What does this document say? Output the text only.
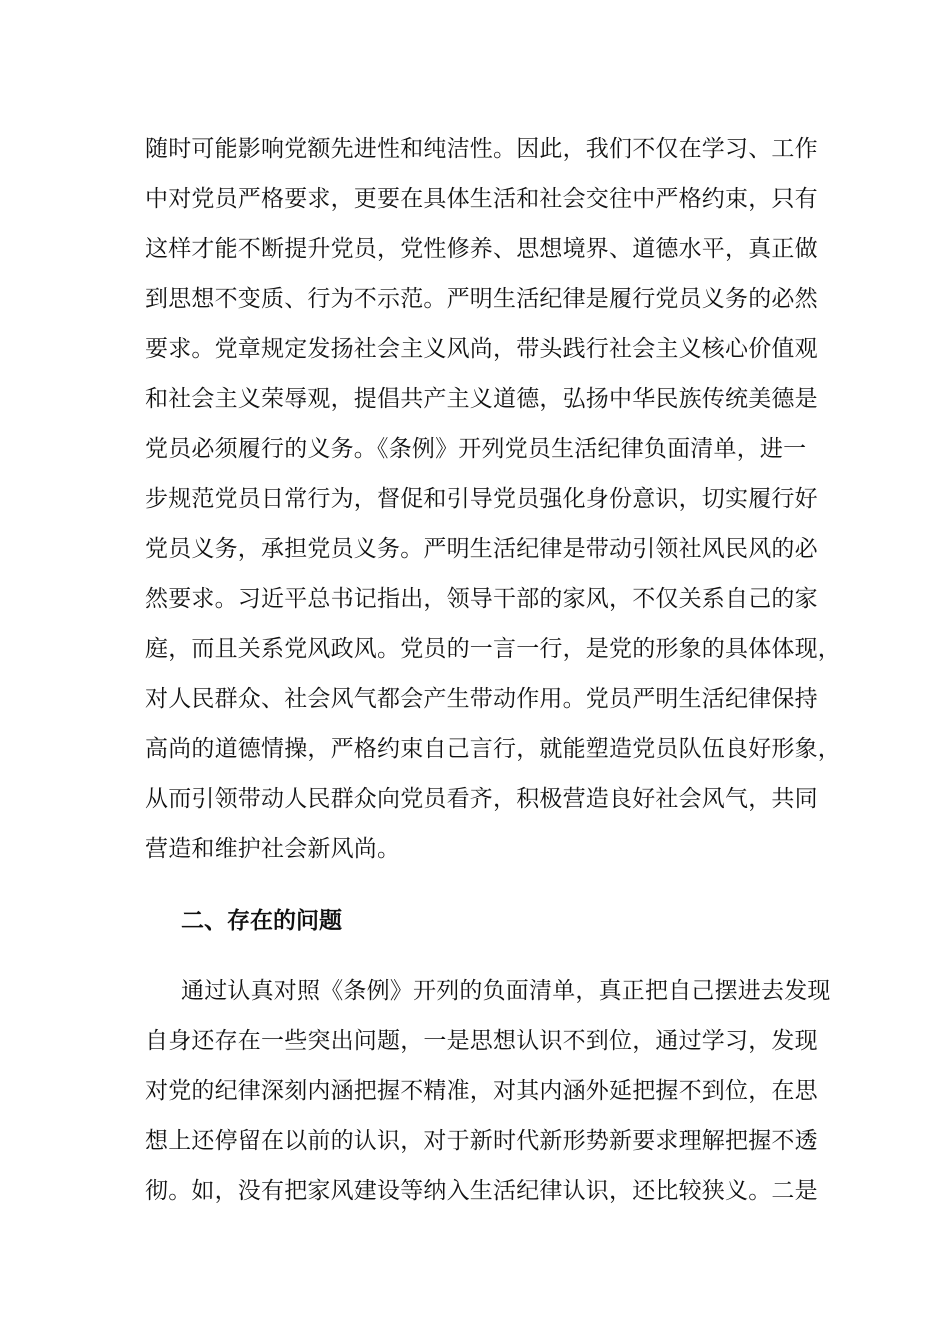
随时可能影响党额先进性和纯洁性。因此，我们不仅在学习、工作
中对党员严格要求，更要在具体生活和社会交往中严格约束，只有
这样才能不断提升党员，党性修养、思想境界、道德水平，真正做
到思想不变质、行为不示范。严明生活纪律是履行党员义务的必然
要求。党章规定发扬社会主义风尚，带头践行社会主义核心价值观
和社会主义荣辱观，提倡共产主义道德，弘扬中华民族传统美德是
党员必须履行的义务。《条例》开列党员生活纪律负面清单，进一
步规范党员日常行为，督促和引导党员强化身份意识，切实履行好
党员义务，承担党员义务。严明生活纪律是带动引领社风民风的必
然要求。习近平总书记指出，领导干部的家风，不仅关系自己的家
庭，而且关系党风政风。党员的一言一行，是党的形象的具体体现，
对人民群众、社会风气都会产生带动作用。党员严明生活纪律保持
高尚的道德情操，严格约束自己言行，就能塑造党员队伍良好形象，
从而引领带动人民群众向党员看齐，积极营造良好社会风气，共同
营造和维护社会新风尚。
二、存在的问题
通过认真对照《条例》开列的负面清单，真正把自己摆进去发现
自身还存在一些突出问题，一是思想认识不到位，通过学习，发现
对党的纪律深刻内涵把握不精准，对其内涵外延把握不到位，在思
想上还停留在以前的认识，对于新时代新形势新要求理解把握不透
彻。如，没有把家风建设等纳入生活纪律认识，还比较狭义。二是
